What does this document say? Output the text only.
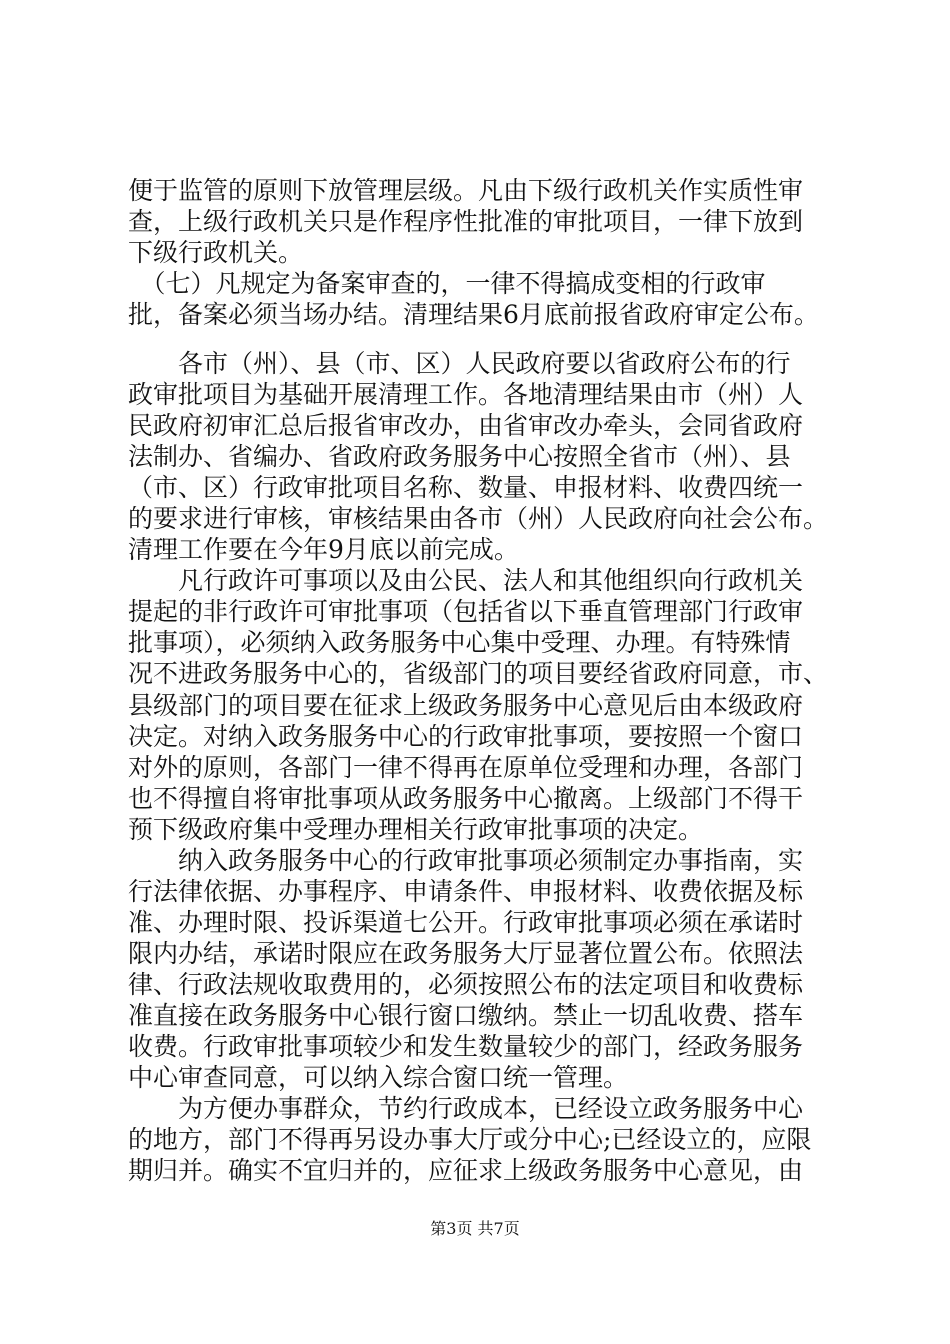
便于监管的原则下放管理层级。凡由下级行政机关作实质性审
查，上级行政机关只是作程序性批准的审批项目，一律下放到
下级行政机关。
　（七）凡规定为备案审查的，一律不得搞成变相的行政审
批，备案必须当场办结。清理结果6月底前报省政府审定公布。
　　各市（州）、县（市、区）人民政府要以省政府公布的行
政审批项目为基础开展清理工作。各地清理结果由市（州）人
民政府初审汇总后报省审改办，由省审改办牵头，会同省政府
法制办、省编办、省政府政务服务中心按照全省市（州）、县
（市、区）行政审批项目名称、数量、申报材料、收费四统一
的要求进行审核，审核结果由各市（州）人民政府向社会公布。
清理工作要在今年9月底以前完成。
　　凡行政许可事项以及由公民、法人和其他组织向行政机关
提起的非行政许可审批事项（包括省以下垂直管理部门行政审
批事项），必须纳入政务服务中心集中受理、办理。有特殊情
况不进政务服务中心的，省级部门的项目要经省政府同意，市、
县级部门的项目要在征求上级政务服务中心意见后由本级政府
决定。对纳入政务服务中心的行政审批事项，要按照一个窗口
对外的原则，各部门一律不得再在原单位受理和办理，各部门
也不得擅自将审批事项从政务服务中心撤离。上级部门不得干
预下级政府集中受理办理相关行政审批事项的决定。
　　纳入政务服务中心的行政审批事项必须制定办事指南，实
行法律依据、办事程序、申请条件、申报材料、收费依据及标
准、办理时限、投诉渠道七公开。行政审批事项必须在承诺时
限内办结，承诺时限应在政务服务大厅显著位置公布。依照法
律、行政法规收取费用的，必须按照公布的法定项目和收费标
准直接在政务服务中心银行窗口缴纳。禁止一切乱收费、搭车
收费。行政审批事项较少和发生数量较少的部门，经政务服务
中心审查同意，可以纳入综合窗口统一管理。
　　为方便办事群众，节约行政成本，已经设立政务服务中心
的地方，部门不得再另设办事大厅或分中心;已经设立的，应限
期归并。确实不宜归并的，应征求上级政务服务中心意见，由
第3页 共7页
